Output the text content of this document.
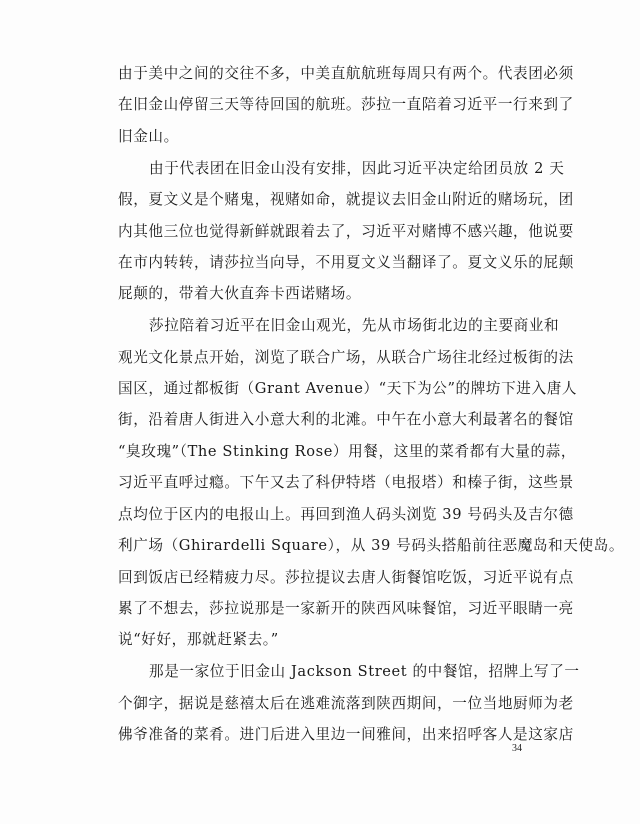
由于美中之间的交往不多，中美直航航班每周只有两个。代表团必须
在旧金山停留三天等待回国的航班。莎拉一直陪着习近平一行来到了
旧金山。

由于代表团在旧金山没有安排，因此习近平决定给团员放 2 天
假，夏文义是个赌鬼，视赌如命，就提议去旧金山附近的赌场玩，团
内其他三位也觉得新鲜就跟着去了，习近平对赌博不感兴趣，他说要
在市内转转，请莎拉当向导，不用夏文义当翻译了。夏文义乐的屁颠
屁颠的，带着大伙直奔卡西诺赌场。

莎拉陪着习近平在旧金山观光，先从市场街北边的主要商业和
观光文化景点开始，浏览了联合广场，从联合广场往北经过板街的法
国区，通过都板街（Grant Avenue）“天下为公”的牌坊下进入唐人
街，沿着唐人街进入小意大利的北滩。中午在小意大利最著名的餐馆
“臭玫瑰”（The Stinking Rose）用餐，这里的菜肴都有大量的蒜，
习近平直呼过瘾。下午又去了科伊特塔（电报塔）和榛子街，这些景
点均位于区内的电报山上。再回到渔人码头浏览 39 号码头及吉尔德
利广场（Ghirardelli Square），从 39 号码头搭船前往恶魔岛和天使岛。
回到饭店已经精疲力尽。莎拉提议去唐人街餐馆吃饭，习近平说有点
累了不想去，莎拉说那是一家新开的陕西风味餐馆，习近平眼睛一亮
说“好好，那就赶紧去。”

那是一家位于旧金山 Jackson Street 的中餐馆，招牌上写了一
个御字，据说是慈禧太后在逃难流落到陕西期间，一位当地厨师为老
佛爷准备的菜肴。进门后进入里边一间雅间，出来招呼客人是这家店

34
